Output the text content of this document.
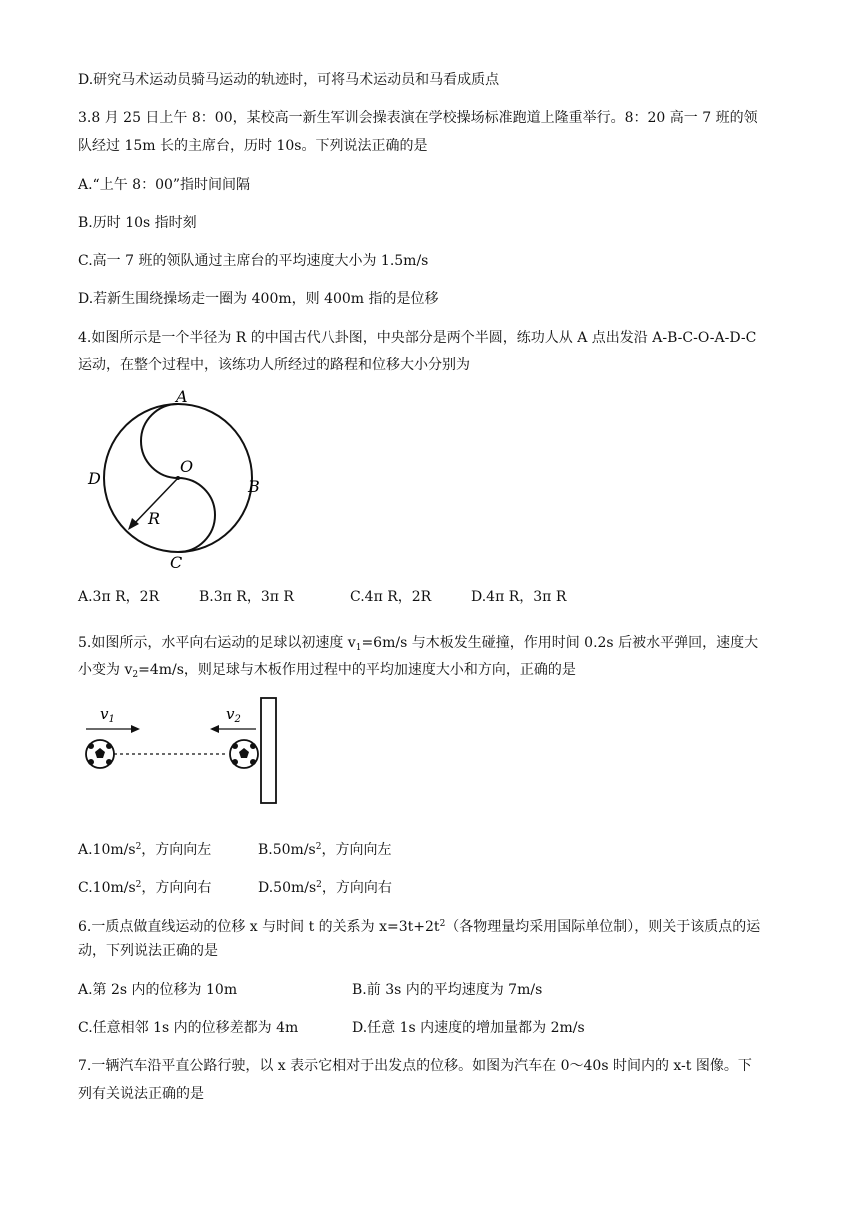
D.研究马术运动员骑马运动的轨迹时，可将马术运动员和马看成质点
3.8 月 25 日上午 8：00，某校高一新生军训会操表演在学校操场标准跑道上隆重举行。8：20 高一 7 班的领
队经过 15m 长的主席台，历时 10s。下列说法正确的是
A.“上午 8：00”指时间间隔
B.历时 10s 指时刻
C.高一 7 班的领队通过主席台的平均速度大小为 1.5m/s
D.若新生围绕操场走一圈为 400m，则 400m 指的是位移
4.如图所示是一个半径为 R 的中国古代八卦图，中央部分是两个半圆，练功人从 A 点出发沿 A-B-C-O-A-D-C
运动，在整个过程中，该练功人所经过的路程和位移大小分别为
A
O
D	B
R
C
A.3π R，2R	B.3π R，3π R	C.4π R，2R	D.4π R，3π R
5.如图所示，水平向右运动的足球以初速度 $v_1=6m/s$ 与木板发生碰撞，作用时间 0.2s 后被水平弹回，速度大
小变为 $v_2=4m/s$，则足球与木板作用过程中的平均加速度大小和方向，正确的是
$v_1$	$v_2$
$A.10m/s^2$，方向向左	$B.50m/s^2$，方向向左
$C.10m/s^2$，方向向右	$D.50m/s^2$，方向向右
6.一质点做直线运动的位移 x 与时间 t 的关系为 $x=3t+2t^2$（各物理量均采用国际单位制），则关于该质点的运
动，下列说法正确的是
A.第 2s 内的位移为 10m	B.前 3s 内的平均速度为 7m/s
C.任意相邻 1s 内的位移差都为 4m	D.任意 1s 内速度的增加量都为 2m/s
7.一辆汽车沿平直公路行驶，以 x 表示它相对于出发点的位移。如图为汽车在 0～40s 时间内的 x-t 图像。下
列有关说法正确的是
